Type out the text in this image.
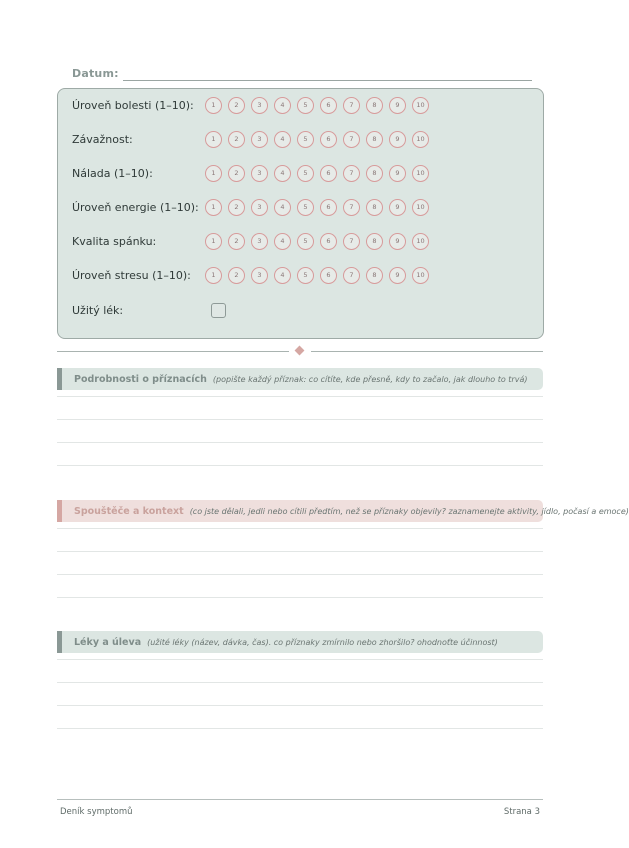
Datum:
Úroveň bolesti (1–10):	1	2	3	4	5	6	7	8	9	10
Závažnost:	1	2	3	4	5	6	7	8	9	10
Nálada (1–10):	1	2	3	4	5	6	7	8	9	10
Úroveň energie (1–10):	1	2	3	4	5	6	7	8	9	10
Kvalita spánku:	1	2	3	4	5	6	7	8	9	10
Úroveň stresu (1–10):	1	2	3	4	5	6	7	8	9	10
Užitý lék:
Podrobnosti o příznacích (popište každý příznak: co cítíte, kde přesně, kdy to začalo, jak dlouho to trvá)
Spouštěče a kontext (co jste dělali, jedli nebo cítili předtím, než se příznaky objevily? zaznamenejte aktivity, jídlo, počasí a emoce)
Léky a úleva (užité léky (název, dávka, čas). co příznaky zmírnilo nebo zhoršilo? ohodnoťte účinnost)
Deník symptomů	Strana 3
